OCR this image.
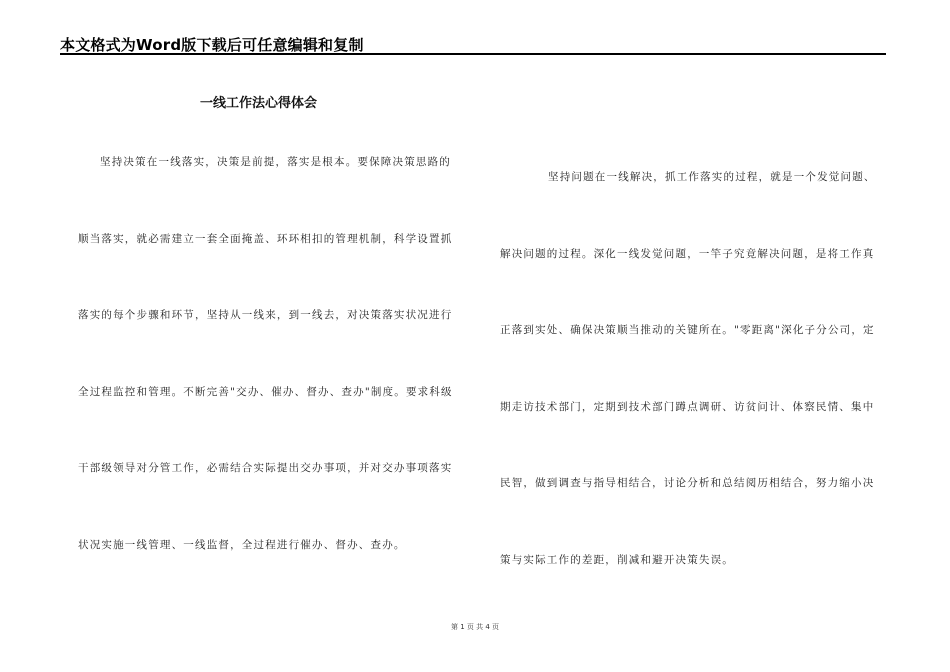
本文格式为Word版下载后可任意编辑和复制
一线工作法心得体会
坚持决策在一线落实，决策是前提，落实是根本。要保障决策思路的
顺当落实，就必需建立一套全面掩盖、环环相扣的管理机制，科学设置抓
落实的每个步骤和环节，坚持从一线来，到一线去，对决策落实状况进行
全过程监控和管理。不断完善"交办、催办、督办、查办"制度。要求科级
干部级领导对分管工作，必需结合实际提出交办事项，并对交办事项落实
状况实施一线管理、一线监督，全过程进行催办、督办、查办。
坚持问题在一线解决，抓工作落实的过程，就是一个发觉问题、
解决问题的过程。深化一线发觉问题，一竿子究竟解决问题，是将工作真
正落到实处、确保决策顺当推动的关键所在。"零距离"深化子分公司，定
期走访技术部门，定期到技术部门蹲点调研、访贫问计、体察民情、集中
民智，做到调查与指导相结合，讨论分析和总结阅历相结合，努力缩小决
策与实际工作的差距，削减和避开决策失误。
第 1 页 共 4 页
